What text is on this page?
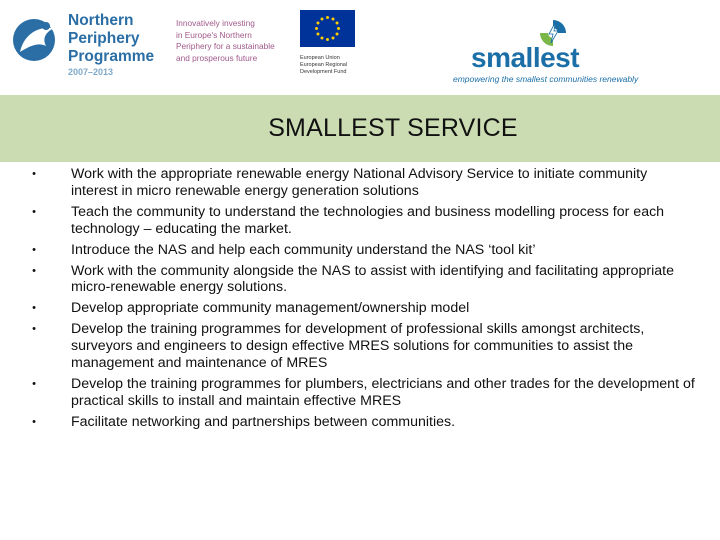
Northern
Periphery
Programme
2007–2013
Innovatively investing
in Europe's Northern
Periphery for a sustainable
and prosperous future	European Union
European Regional
Development Fund	smallest
empowering the smallest communities renewably
SMALLEST SERVICE
• Work with the appropriate renewable energy National Advisory Service to initiate community interest in micro renewable energy generation solutions
• Teach the community to understand the technologies and business modelling process for each technology – educating the market.
• Introduce the NAS and help each community understand the NAS ‘tool kit’
• Work with the community alongside the NAS to assist with identifying and facilitating appropriate micro-renewable energy solutions.
• Develop appropriate community management/ownership model
• Develop the training programmes for development of professional skills amongst architects, surveyors and engineers to design effective MRES solutions for communities to assist the management and maintenance of MRES
• Develop the training programmes for plumbers, electricians and other trades for the development of practical skills to install and maintain effective MRES
• Facilitate networking and partnerships between communities.
